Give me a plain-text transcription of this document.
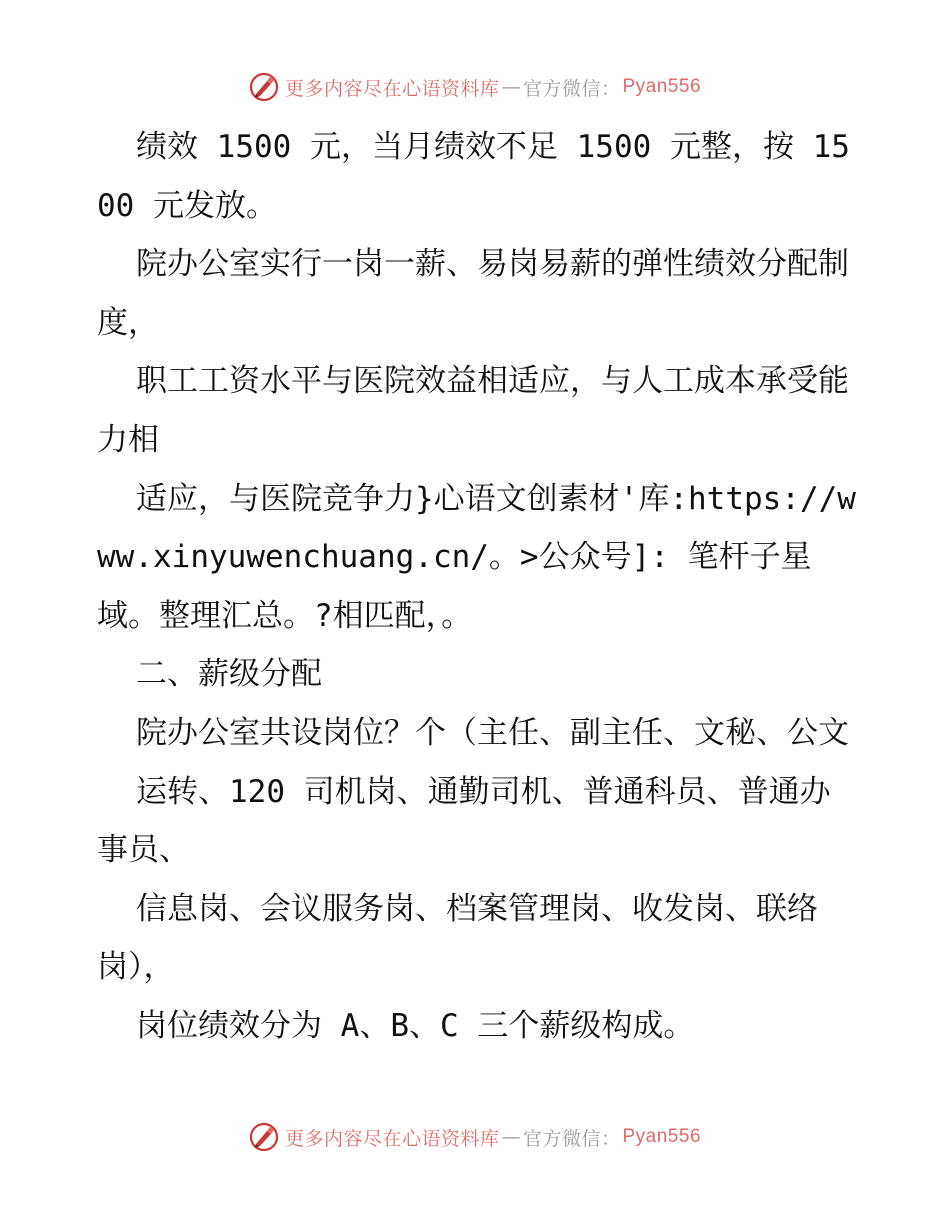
更多内容尽在心语资料库 — 官方微信： Pyan556

绩效 1500 元，当月绩效不足 1500 元整，按 1500 元发放。

院办公室实行一岗一薪、易岗易薪的弹性绩效分配制度，

职工工资水平与医院效益相适应，与人工成本承受能力相

适应，与医院竞争力}心语文创素材'库:https://www.xinyuwenchuang.cn/。>公众号]: 笔杆子星域。整理汇总。?相匹配，。

二、薪级分配

院办公室共设岗位？个（主任、副主任、文秘、公文

运转、120 司机岗、通勤司机、普通科员、普通办事员、

信息岗、会议服务岗、档案管理岗、收发岗、联络岗），

岗位绩效分为 A、B、C 三个薪级构成。

更多内容尽在心语资料库 — 官方微信： Pyan556
